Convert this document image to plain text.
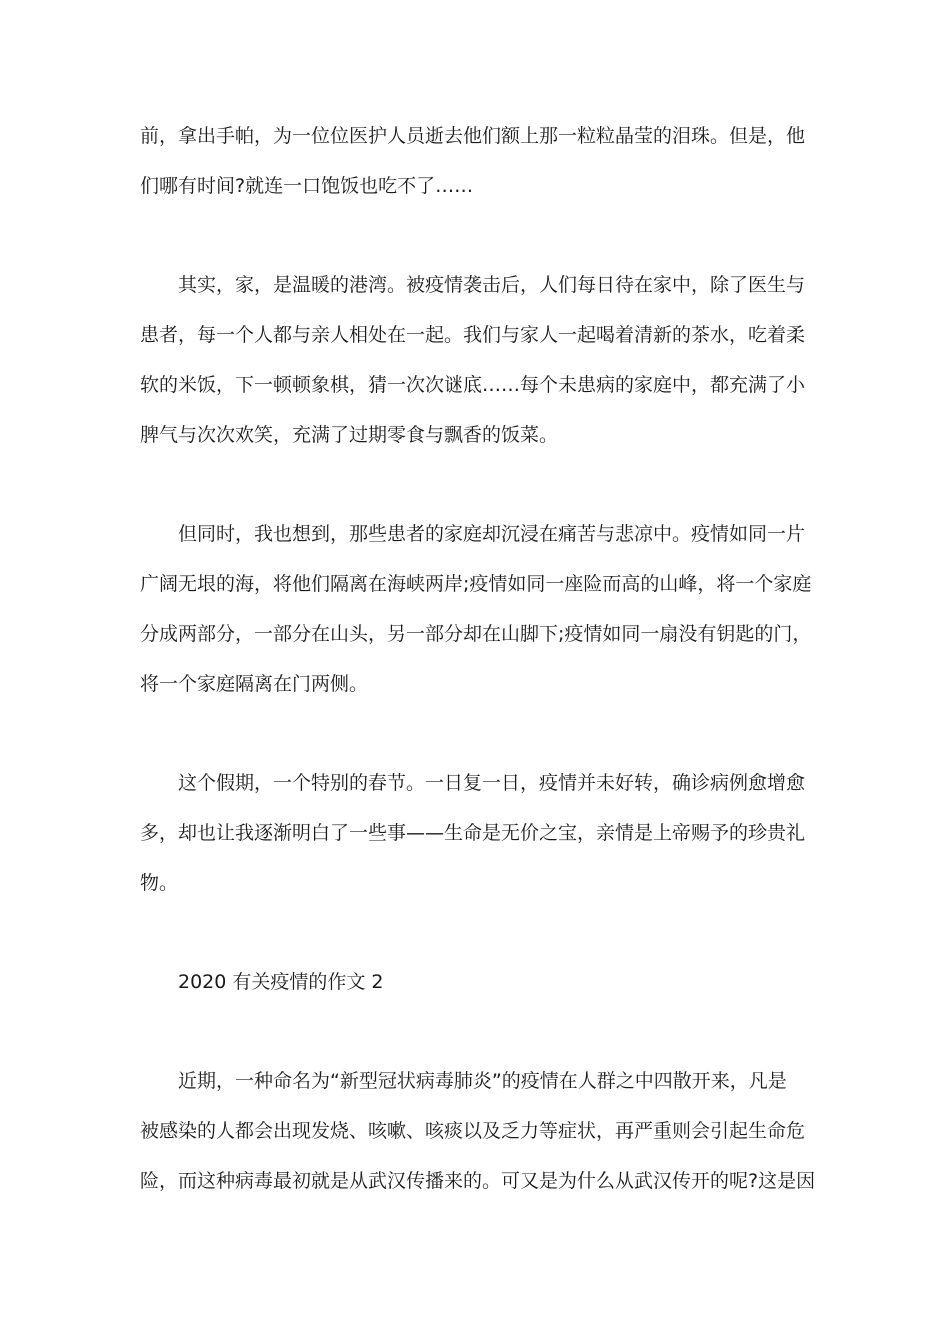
前，拿出手帕，为一位位医护人员逝去他们额上那一粒粒晶莹的泪珠。但是，他
们哪有时间?就连一口饱饭也吃不了……
其实，家，是温暖的港湾。被疫情袭击后，人们每日待在家中，除了医生与
患者，每一个人都与亲人相处在一起。我们与家人一起喝着清新的茶水，吃着柔
软的米饭，下一顿顿象棋，猜一次次谜底……每个未患病的家庭中，都充满了小
脾气与次次欢笑，充满了过期零食与飘香的饭菜。
但同时，我也想到，那些患者的家庭却沉浸在痛苦与悲凉中。疫情如同一片
广阔无垠的海，将他们隔离在海峡两岸;疫情如同一座险而高的山峰，将一个家庭
分成两部分，一部分在山头，另一部分却在山脚下;疫情如同一扇没有钥匙的门，
将一个家庭隔离在门两侧。
这个假期，一个特别的春节。一日复一日，疫情并未好转，确诊病例愈增愈
多，却也让我逐渐明白了一些事——生命是无价之宝，亲情是上帝赐予的珍贵礼
物。
2020 有关疫情的作文 2
近期，一种命名为“新型冠状病毒肺炎”的疫情在人群之中四散开来，凡是
被感染的人都会出现发烧、咳嗽、咳痰以及乏力等症状，再严重则会引起生命危
险，而这种病毒最初就是从武汉传播来的。可又是为什么从武汉传开的呢?这是因
